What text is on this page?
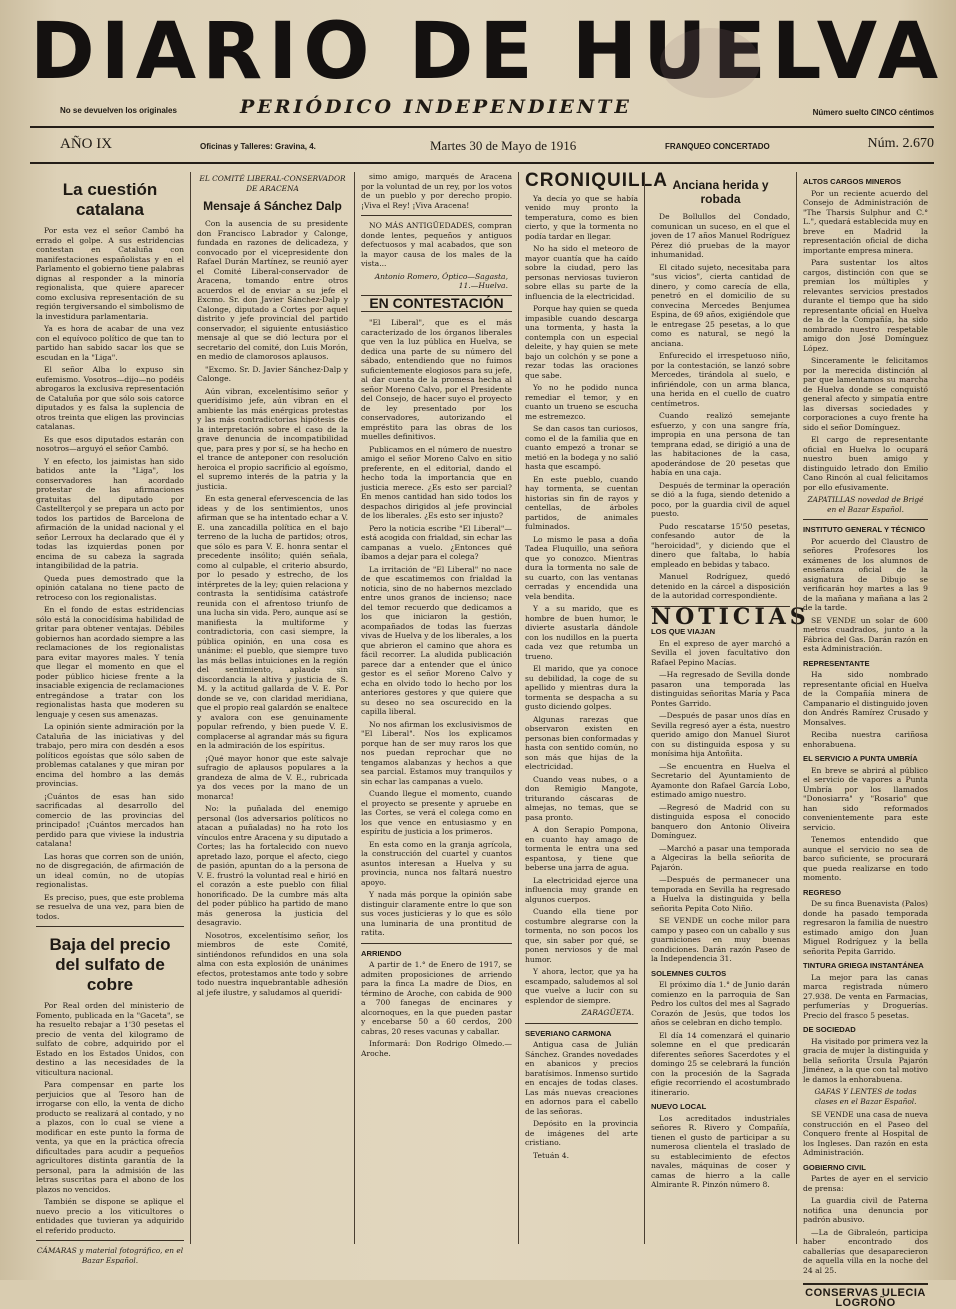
DIARIO DE HUELVA
No se devuelven los originales	PERIÓDICO INDEPENDIENTE	Número suelto CINCO céntimos
AÑO IX	Oficinas y Talleres: Gravina, 4.	Martes 30 de Mayo de 1916	FRANQUEO CONCERTADO	Núm. 2.670
La cuestión catalana

Por esta vez el señor Cambó ha errado el golpe. A sus estridencias contestan en Cataluña con manifestaciones españolistas y en el Parlamento el gobierno tiene palabras dignas al responder a la minoría regionalista, que quiere aparecer como exclusiva representación de su región tergiversando el simbolismo de la investidura parlamentaria.

Ya es hora de acabar de una vez con el equívoco político de que tan to partido han sabido sacar los que se escudan en la "Liga".

El señor Alba lo expuso sin eufemismo. Vosotros—dijo—no podéis abrogaros la exclusiva representación de Cataluña por que sólo sois catorce diputados y es falsa la suplencia de otros treinta que eligen las provincias catalanas.

Es que esos diputados estarán con nosotros—arguyó el señor Cambó.

Y en efecto, los jaimistas han sido batidos ante la "Liga", los conservadores han acordado protestar de las afirmaciones gratuitas del diputado por Castellterçol y se prepara un acto por todos los partidos de Barcelona de afirmación de la unidad nacional y el señor Lerroux ha declarado que él y todas las izquierdas ponen por encima de su cabeza la sagrada intangibilidad de la patria.

Queda pues demostrado que la opinión catalana no tiene pacto de retroceso con los regionalistas.

En el fondo de estas estridencias sólo está la conocidísima habilidad de gritar para obtener ventajas. Débiles gobiernos han acordado siempre a las reclamaciones de los regionalistas para evitar mayores males. Y tenía que llegar el momento en que el poder público hiciese frente a la insaciable exigencia de reclamaciones entregándose a tratar con los regionalistas hasta que moderen su lenguaje y cesen sus amenazas.

La opinión siente admiración por la Cataluña de las iniciativas y del trabajo, pero mira con desdén a esos políticos egoístas que sólo saben de problemas catalanes y que miran por encima del hombro a las demás provincias.

¡Cuántos de esas han sido sacrificadas al desarrollo del comercio de las provincias del principado! ¡Cuántos mercados han perdido para que viviese la industria catalana!

Las horas que corren son de unión, no de disgregación, de afirmación de un ideal común, no de utopías regionalistas.

Es preciso, pues, que este problema se resuelva de una vez, para bien de todos.

Baja del precio del sulfato de cobre

Por Real orden del ministerio de Fomento, publicada en la "Gaceta", se ha resuelto rebajar a 1'30 pesetas el precio de venta del kilogramo de sulfato de cobre, adquirido por el Estado en los Estados Unidos, con destino a las necesidades de la viticultura nacional.

Para compensar en parte los perjuicios que al Tesoro han de irrogarse con ello, la venta de dicho producto se realizará al contado, y no a plazos, con lo cual se viene a modificar en este punto la forma de venta, ya que en la práctica ofrecía dificultades para acudir a pequeños agricultores distinta garantía de la personal, para la admisión de las letras suscritas para el abono de los plazos no vencidos.

También se dispone se aplique el nuevo precio a los viticultores o entidades que tuvieran ya adquirido el referido producto.

CÁMARAS y material fotográfico, en el Bazar Español.
EL COMITÉ LIBERAL-CONSERVADOR DE ARACENA
Mensaje á Sánchez Dalp

Con la ausencia de su presidente don Francisco Labrador y Calonge, fundada en razones de delicadeza, y convocado por el vicepresidente don Rafael Durán Martínez, se reunió ayer el Comité Liberal-conservador de Aracena, tomando entre otros acuerdos el de enviar a su jefe el Excmo. Sr. don Javier Sánchez-Dalp y Calonge, diputado a Cortes por aquel distrito y jefe provincial del partido conservador, el siguiente entusiástico mensaje al que se dió lectura por el secretario del comité, don Luis Morón, en medio de clamorosos aplausos.

"Excmo. Sr. D. Javier Sánchez-Dalp y Calonge.

Aún vibran, excelentísimo señor y queridísimo jefe, aún vibran en el ambiente las más enérgicas protestas y las más contradictorias hipótesis de la interpretación sobre el caso de la grave denuncia de incompatibilidad que, para pres y por sí, se ha hecho en el trance de anteponer con resolución heroica el propio sacrificio al egoísmo, el supremo interés de la patria y la justicia.

En esta general efervescencia de las ideas y de los sentimientos, unos afirman que se ha intentado echar a V. E. una zancadilla política en el bajo terreno de la lucha de partidos; otros, que sólo es para V. E. honra sentar el precedente insólito; quién señala, como al culpable, el criterio absurdo, por lo pesado y estrecho, de los intérpretes de la ley; quien relaciona y contrasta la sentidísima catástrofe reunida con el afrentoso triunfo de una lucha sin vida. Pero, aunque así se manifiesta la multiforme y contradictoria, con casi siempre, la pública opinión, en una cosa es unánime: el pueblo, que siempre tuvo las más bellas intuiciones en la región del sentimiento, aplaude sin discordancia la altiva y justicia de S. M. y la actitud gallarda de V. E. Por donde se ve, con claridad meridiana, que el propio real galardón se enaltece y avalora con ese genuinamente popular refrendo, y bien puede V. E. complacerse al agrandar más su figura en la admiración de los espíritus.

¡Qué mayor honor que este salvaje sufragio de aplausos populares a la grandeza de alma de V. E., rubricada ya dos veces por la mano de un monarca!

No: la puñalada del enemigo personal (los adversarios políticos no atacan a puñaladas) no ha roto los vínculos entre Aracena y su diputado a Cortes; las ha fortalecido con nuevo apretado lazo, porque el afecto, ciego de pasión, apuntan do a la persona de V. E. frustró la voluntad real e hirió en el corazón a este pueblo con filial honorificado. De la cumbre más alta del poder público ha partido de mano más generosa la justicia del desagravio.

Nosotros, excelentísimo señor, los miembros de este Comité, sintiéndonos refundidos en una sola alma con esta explosión de unánimes efectos, protestamos ante todo y sobre todo nuestra inquebrantable adhesión al jefe ilustre, y saludamos al queridí-

simo amigo, marqués de Aracena por la voluntad de un rey, por los votos de un pueblo y por derecho propio. ¡Viva el Rey! ¡Viva Aracena!

NO MÁS ANTIGÜEDADES, compran donde lentes, pequeños y antiguos defectuosos y mal acabados, que son la mayor causa de los males de la vista...

Antonio Romero, Óptico—Sagasta, 11.—Huelva.
EN CONTESTACIÓN

"El Liberal", que es el más caracterizado de los órganos liberales que ven la luz pública en Huelva, se dedica una parte de su número del sábado, entendiendo que no fuimos suficientemente elogiosos para su jefe, al dar cuenta de la promesa hecha al señor Moreno Calvo, por el Presidente del Consejo, de hacer suyo el proyecto de ley presentado por los conservadores, autorizando el empréstito para las obras de los muelles definitivos.

Publicamos en el número de nuestro amigo el señor Moreno Calvo en sitio preferente, en el editorial, dando el hecho toda la importancia que en justicia merece. ¿Es esto ser parcial? En menos cantidad han sido todos los despachos dirigidos al jefe provincial de los liberales. ¿Es esto ser injusto?

Pero la noticia escribe "El Liberal"—está acogida con frialdad, sin echar las campanas a vuelo. ¿Entonces qué íbamos a dejar para el colega?

La irritación de "El Liberal" no nace de que escatimemos con frialdad la noticia, sino de no habernos mezclado entre unos granos de incienso; nace del temor recuerdo que dedicamos a los que iniciaron la gestión, acompañados de todas las fuerzas vivas de Huelva y de los liberales, a los que abrieron el camino que ahora es fácil recorrer. La aludida publicación parece dar a entender que el único gestor es el señor Moreno Calvo y echa en olvido todo lo hecho por los anteriores gestores y que quiere que su deseo no sea oscurecido en la capilla liberal.

No nos afirman los exclusivismos de "El Liberal". Nos los explicamos porque han de ser muy raros los que nos puedan reprochar que no tengamos alabanzas y hechos a que sea parcial. Estamos muy tranquilos y sin echar las campanas a vuelo.

Cuando llegue el momento, cuando el proyecto se presente y apruebe en las Cortes, se verá el colega como en los que vence en entusiasmo y en espíritu de justicia a los primeros.

En esta como en la granja agrícola, la construcción del cuartel y cuantos asuntos interesan a Huelva y su provincia, nunca nos faltará nuestro apoyo.

Y nada más porque la opinión sabe distinguir claramente entre lo que son sus voces justicieras y lo que es sólo una luminaria de una prontitud de ratita.

ARRIENDO

A partir de 1.° de Enero de 1917, se admiten proposiciones de arriendo para la finca La madre de Dios, en término de Aroche, con cabida de 900 a 700 fanegas de encinares y alcornoques, en la que pueden pastar y encebarse 50 a 60 cerdos, 200 cabras, 20 reses vacunas y caballar.

Informará: Don Rodrigo Olmedo.—Aroche.

CRONIQUILLA

Ya decía yo que se había venido muy pronto la temperatura, como es bien cierto, y que la tormenta no podía tardar en llegar.

No ha sido el meteoro de mayor cuantía que ha caído sobre la ciudad, pero las personas nerviosas tuvieron sobre ellas su parte de la influencia de la electricidad.

Porque hay quien se queda impasible cuando descarga una tormenta, y hasta la contempla con un especial deleite, y hay quien se mete bajo un colchón y se pone a rezar todas las oraciones que sabe.

Yo no he podido nunca remediar el temor, y en cuanto un trueno se escucha me estremezco.

Se dan casos tan curiosos, como el de la familia que en cuanto empezó a tronar se metió en la bodega y no salió hasta que escampó.

En este pueblo, cuando hay tormenta, se cuentan historias sin fin de rayos y centellas, de árboles partidos, de animales fulminados.

Lo mismo le pasa a doña Tadea Fluquillo, una señora que yo conozco. Mientras dura la tormenta no sale de su cuarto, con las ventanas cerradas y encendida una vela bendita.

Y a su marido, que es hombre de buen humor, le divierte asustarla dándole con los nudillos en la puerta cada vez que retumba un trueno.

El marido, que ya conoce su debilidad, la coge de su apellido y mientras dura la tormenta se despacha a su gusto diciendo golpes.

Algunas rarezas que observaron existen en personas bien conformadas y hasta con sentido común, no son más que hijas de la electricidad.

Cuando veas nubes, o a don Remigio Mangote, triturando cáscaras de almejas, no temas, que se pasa pronto.

A don Serapio Pompona, en cuanto hay amago de tormenta le entra una sed espantosa, y tiene que beberse una jarra de agua.

La electricidad ejerce una influencia muy grande en algunos cuerpos.

Cuando ella tiene por costumbre alegrarse con la tormenta, no son pocos los que, sin saber por qué, se ponen nerviosos y de mal humor.

Y ahora, lector, que ya ha escampado, saludemos al sol que vuelve a lucir con su esplendor de siempre.

ZARAGÜETA.
SEVERIANO CARMONA

Antigua casa de Julián Sánchez. Grandes novedades en abanicos y precios baratísimos. Inmenso surtido en encajes de todas clases. Las más nuevas creaciones en adornos para el cabello de las señoras.

Depósito en la provincia de imágenes del arte cristiano.

Tetuán 4.

Anciana herida y robada

De Bollullos del Condado, comunican un suceso, en el que el joven de 17 años Manuel Rodríguez Pérez dió pruebas de la mayor inhumanidad.

El citado sujeto, necesitaba para "sus vicios", cierta cantidad de dinero, y como carecía de ella, penetró en el domicilio de su convecina Mercedes Benjumea Espina, de 69 años, exigiéndole que le entregase 25 pesetas, a lo que como es natural, se negó la anciana.

Enfurecido el irrespetuoso niño, por la contestación, se lanzó sobre Mercedes, tirándola al suelo, e infiriéndole, con un arma blanca, una herida en el cuello de cuatro centímetros.

Cuando realizó semejante esfuerzo, y con una sangre fría, impropia en una persona de tan temprana edad, se dirigió a una de las habitaciones de la casa, apoderándose de 20 pesetas que había en una caja.

Después de terminar la operación se dió a la fuga, siendo detenido a poco, por la guardia civil de aquel puesto.

Pudo rescatarse 15'50 pesetas, confesando autor de la "heroicidad", y diciendo que el dinero que faltaba, lo había empleado en bebidas y tabaco.

Manuel Rodríguez, quedó detenido en la cárcel a disposición de la autoridad correspondiente.

NOTICIAS
LOS QUE VIAJAN

En el expreso de ayer marchó a Sevilla el joven facultativo don Rafael Pepino Macías.

—Ha regresado de Sevilla donde pasaron una temporada las distinguidas señoritas María y Paca Pontes Garrido.

—Después de pasar unos días en Sevilla regresó ayer a ésta, nuestro querido amigo don Manuel Siurot con su distinguida esposa y su monísima hija Antoñita.

—Se encuentra en Huelva el Secretario del Ayuntamiento de Ayamonte don Rafael García Lobo, estimado amigo nuestro.

—Regresó de Madrid con su distinguida esposa el conocido banquero don Antonio Oliveira Domínguez.

—Marchó a pasar una temporada a Algeciras la bella señorita de Pajarón.

—Después de permanecer una temporada en Sevilla ha regresado a Huelva la distinguida y bella señorita Pepita Coto Niño.

SE VENDE un coche milor para campo y paseo con un caballo y sus guarniciones en muy buenas condiciones. Darán razón Paseo de la Independencia 31.

SOLEMNES CULTOS

El próximo día 1.° de Junio darán comienzo en la parroquia de San Pedro los cultos del mes al Sagrado Corazón de Jesús, que todos los años se celebran en dicho templo.

El día 14 comenzará el quinario solemne en el que predicarán diferentes señores Sacerdotes y el domingo 25 se celebrará la función con la procesión de la Sagrada efigie recorriendo el acostumbrado itinerario.

NUEVO LOCAL

Los acreditados industriales señores R. Rivero y Compañía, tienen el gusto de participar a su numerosa clientela el traslado de su establecimiento de efectos navales, máquinas de coser y camas de hierro a la calle Almirante R. Pinzón número 8.

ALTOS CARGOS MINEROS

Por un reciente acuerdo del Consejo de Administración de "The Tharsis Sulphur and C.° L.", quedará establecida muy en breve en Madrid la representación oficial de dicha importante empresa minera.

Para sustentar los altos cargos, distinción con que se premian los múltiples y relevantes servicios prestados durante el tiempo que ha sido representante oficial en Huelva de la de la Compañía, ha sido nombrado nuestro respetable amigo don José Domínguez López.

Sinceramente le felicitamos por la merecida distinción al par que lamentamos su marcha de Huelva donde se conquistó general afecto y simpatía entre las diversas sociedades y corporaciones a cuyo frente ha sido el señor Domínguez.

El cargo de representante oficial en Huelva lo ocupará nuestro buen amigo y distinguido letrado don Emilio Cano Rincón al cual felicitamos por ello efusivamente.

ZAPATILLAS novedad de Brigé en el Bazar Español.
INSTITUTO GENERAL Y TÉCNICO

Por acuerdo del Claustro de señores Profesores los exámenes de los alumnos de enseñanza oficial de la asignatura de Dibujo se verificarán hoy martes a las 9 de la mañana y mañana a las 2 de la tarde.

SE VENDE un solar de 600 metros cuadrados, junto a la Fábrica del Gas. Darán razón en esta Administración.

REPRESENTANTE

Ha sido nombrado representante oficial en Huelva de la Compañía minera de Campanario el distinguido joven don Andrés Ramírez Crusado y Monsalves.

Reciba nuestra cariñosa enhorabuena.

EL SERVICIO A PUNTA UMBRÍA

En breve se abrirá al público el servicio de vapores a Punta Umbría por los llamados "Donosiarra" y "Rosario" que han sido reformados convenientemente para este servicio.

Tenemos entendido que aunque el servicio no sea de barco suficiente, se procurará que pueda realizarse en todo momento.

REGRESO

De su finca Buenavista (Palos) donde ha pasado temporada regresaron la familia de nuestro estimado amigo don Juan Miguel Rodríguez y la bella señorita Pepita Garrido.

TINTURA GRIEGA INSTANTÁNEA

La mejor para las canas marca registrada número 27.938. De venta en Farmacias, perfumerías y Droguerías. Precio del frasco 5 pesetas.

DE SOCIEDAD

Ha visitado por primera vez la gracia de mujer la distinguida y bella señorita Úrsula Pajarón Jiménez, a la que con tal motivo le damos la enhorabuena.

GAFAS Y LENTES de todas clases en el Bazar Español.

SE VENDE una casa de nueva construcción en el Paseo del Conquero frente al Hospital de los Ingleses. Dan razón en esta Administración.

GOBIERNO CIVIL

Partes de ayer en el servicio de prensa:

La guardia civil de Paterna notifica una denuncia por padrón abusivo.

—La de Gibraleón, participa haber encontrado dos caballerías que desaparecieron de aquella villa en la noche del 24 al 25.

CONSERVAS ULECIA LOGROÑO
